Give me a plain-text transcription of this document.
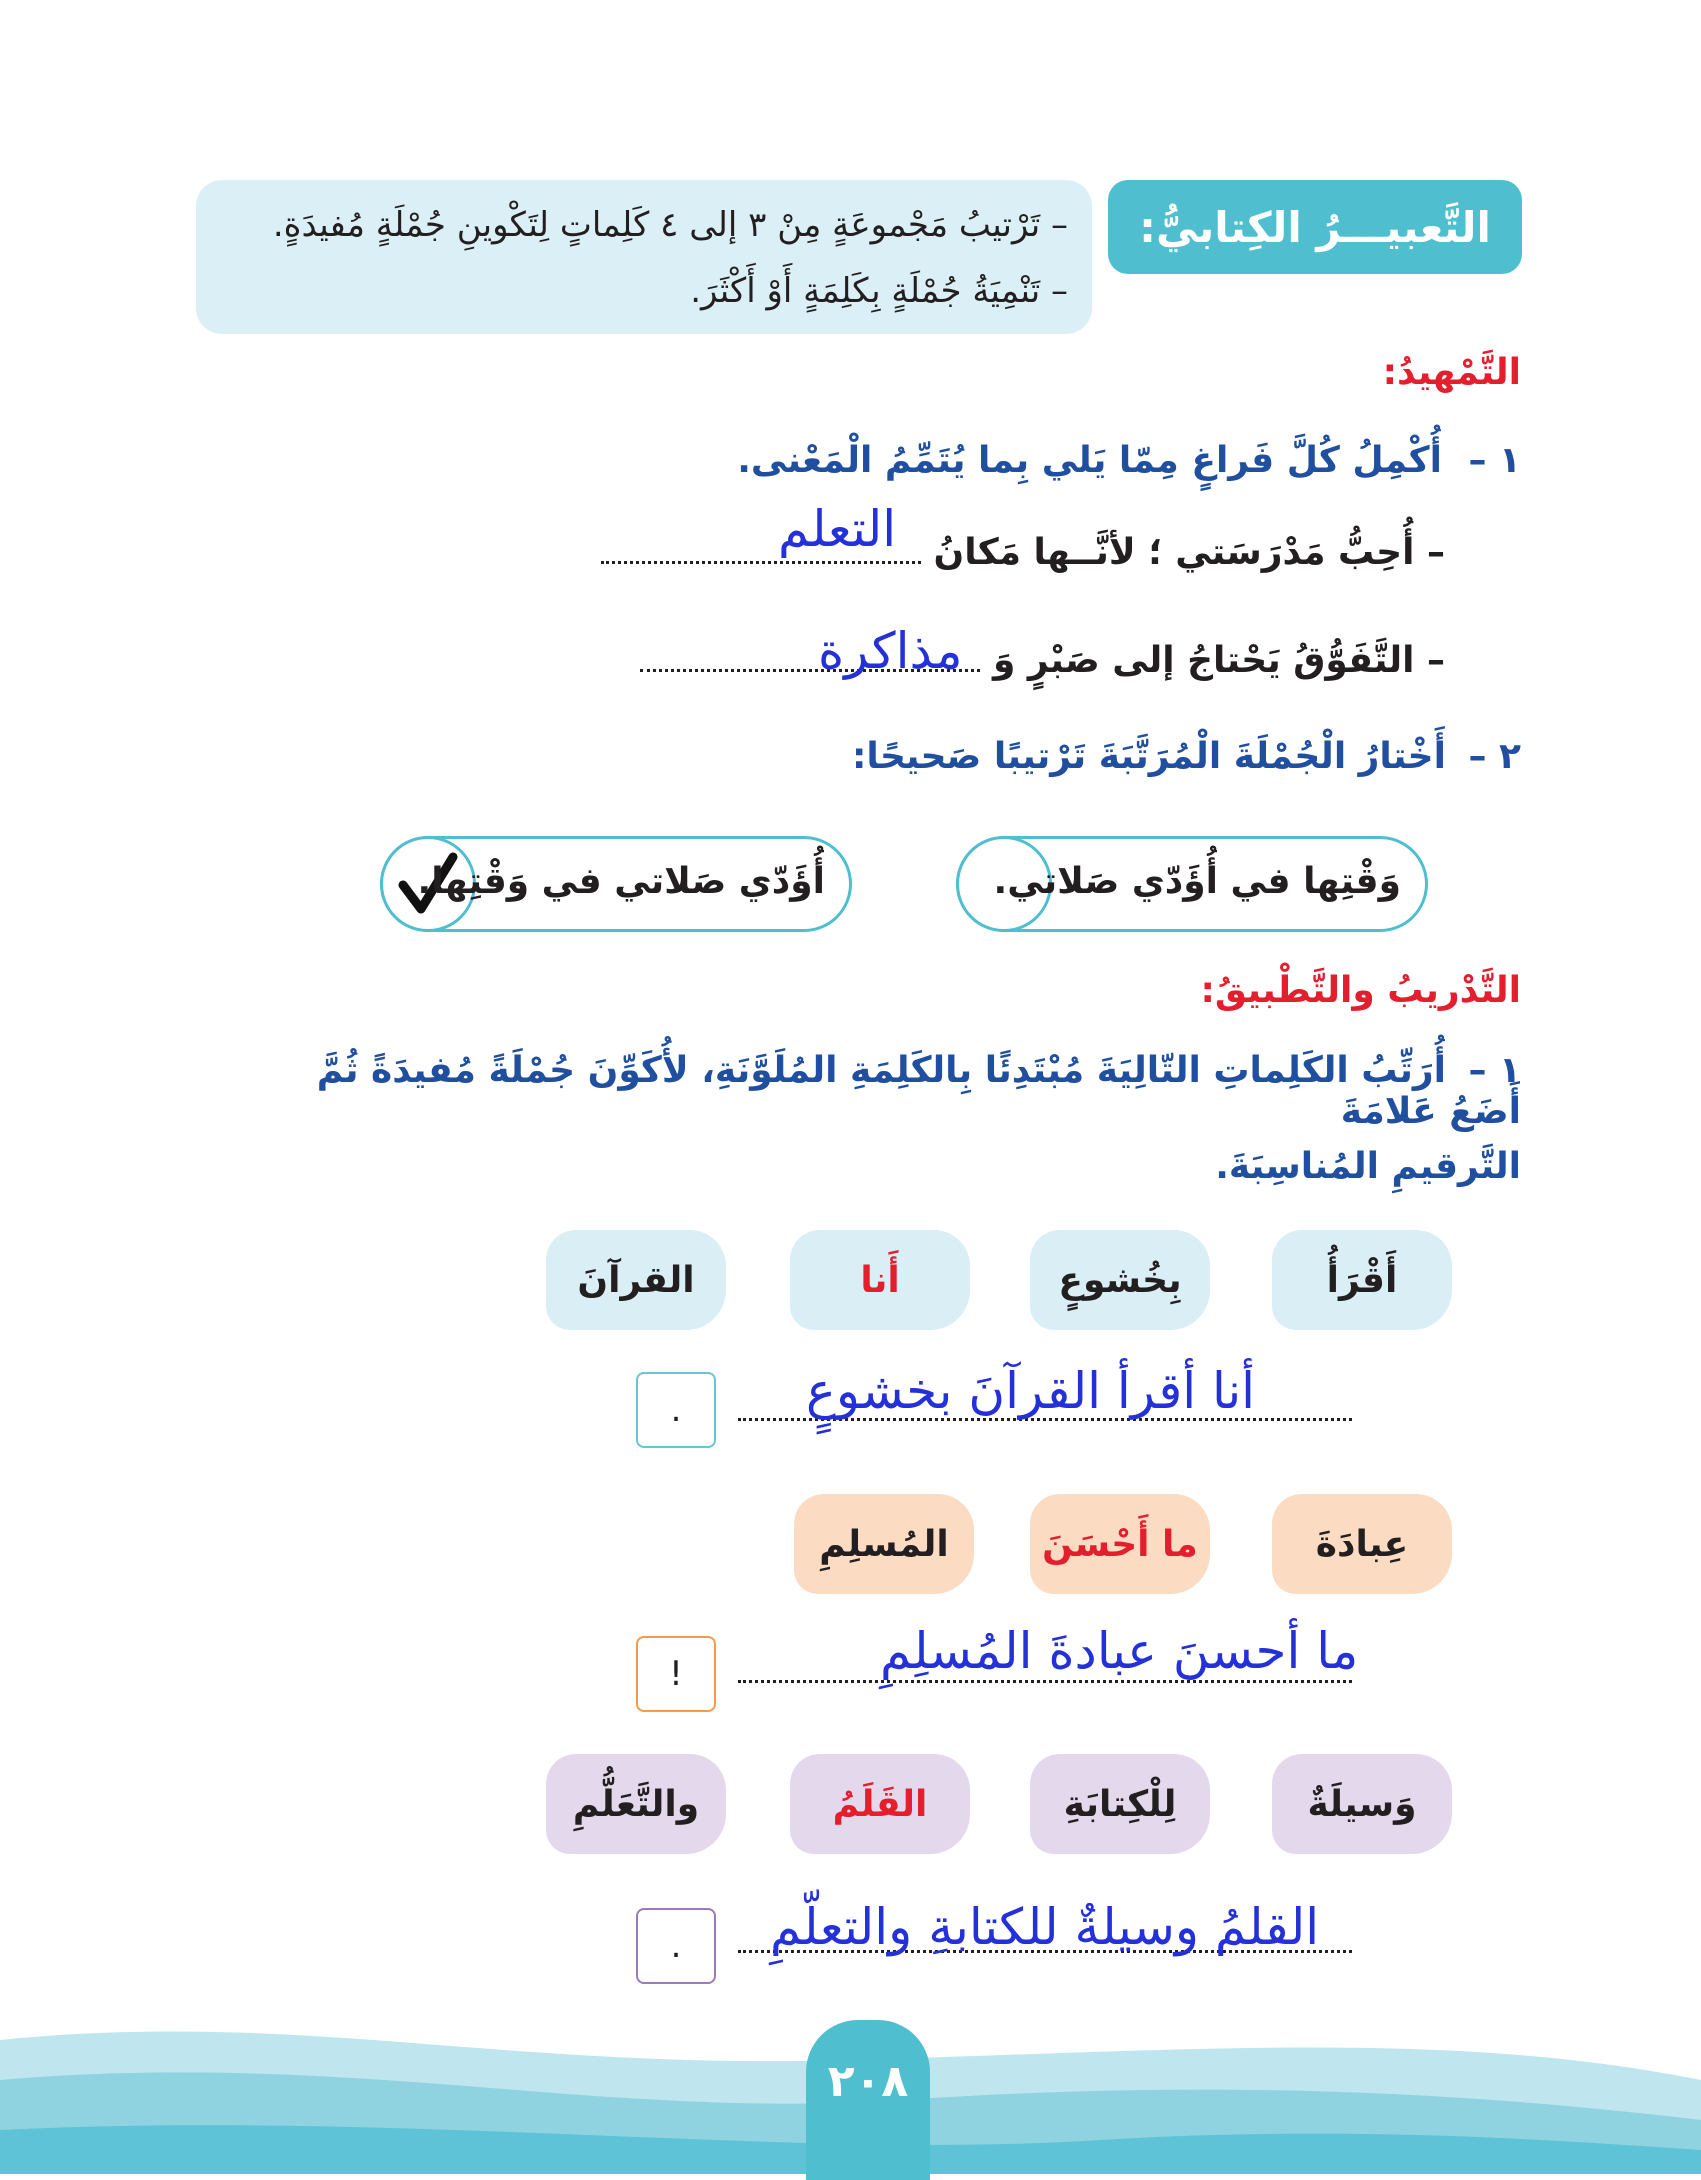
التَّعبيـــرُ الكِتابيُّ:
– تَرْتيبُ مَجْموعَةٍ مِنْ ٣ إلى ٤ كَلِماتٍ لِتَكْوينِ جُمْلَةٍ مُفيدَةٍ.
– تَنْمِيَةُ جُمْلَةٍ بِكَلِمَةٍ أَوْ أَكْثَرَ.
التَّمْهيدُ:
١ – أُكْمِلُ كُلَّ فَراغٍ مِمّا يَلي بِما يُتَمِّمُ الْمَعْنى.
– أُحِبُّ مَدْرَسَتي ؛ لأنَّــها مَكانُ
التعلم
– التَّفَوُّقُ يَحْتاجُ إلى صَبْرٍ وَ
مذاكرة
٢ – أَخْتارُ الْجُمْلَةَ الْمُرَتَّبَةَ تَرْتيبًا صَحيحًا:
وَقْتِها في أُؤَدّي صَلاتي.
أُؤَدّي صَلاتي في وَقْتِها.
التَّدْريبُ والتَّطْبيقُ:
١ – أُرَتِّبُ الكَلِماتِ التّالِيَةَ مُبْتَدِئًا بِالكَلِمَةِ المُلَوَّنَةِ، لأُكَوِّنَ جُمْلَةً مُفيدَةً ثُمَّ أَضَعُ عَلامَةَ
التَّرقيمِ المُناسِبَةَ.
أَقْرَأُ
بِخُشوعٍ
أَنا
القرآنَ
أنا أقرأ القرآنَ بخشوعٍ
.
عِبادَةَ
ما أَحْسَنَ
المُسلِمِ
ما أحسنَ عبادةَ المُسلِمِ
!
وَسيلَةٌ
لِلْكِتابَةِ
القَلَمُ
والتَّعَلُّمِ
القلمُ وسيلةٌ للكتابةِ والتعلّمِ
.
٢٠٨
